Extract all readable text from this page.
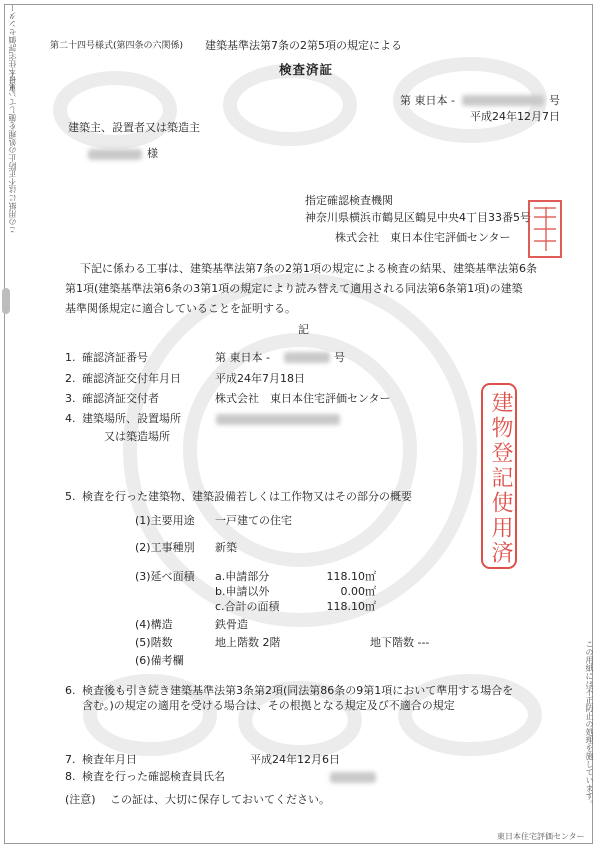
東日本住宅評価センター
この用紙には不正防止の処理を施しています
この用紙には不正防止の処理を施しています。
東日本住宅評価センター
第二十四号様式(第四条の六関係) 建築基準法第7条の2第5項の規定による
検査済証
第 東日本 -	号
平成24年12月7日
建築主、設置者又は築造主
様
指定確認検査機関
神奈川県横浜市鶴見区鶴見中央4丁目33番5号
株式会社　東日本住宅評価センター
下記に係わる工事は、建築基準法第7条の2第1項の規定による検査の結果、建築基準法第6条
第1項(建築基準法第6条の3第1項の規定により読み替えて適用される同法第6条第1項)の建築
基準関係規定に適合していることを証明する。
記
1. 確認済証番号	第 東日本 -	号
2. 確認済証交付年月日	平成24年7月18日
3. 確認済証交付者	株式会社　東日本住宅評価センター
4. 建築場所、設置場所
又は築造場所	建物登記使用済
5. 検査を行った建築物、建築設備若しくは工作物又はその部分の概要
(1)主要用途 一戸建ての住宅
(2)工事種別 新築
(3)延べ面積 a.申請部分	118.10㎡
b.申請以外	0.00㎡
c.合計の面積	118.10㎡
(4)構造	鉄骨造
(5)階数	地上階数 2階	地下階数 ---
(6)備考欄
6. 検査後も引き続き建築基準法第3条第2項(同法第86条の9第1項において準用する場合を
含む。)の規定の適用を受ける場合は、その根拠となる規定及び不適合の規定
7. 検査年月日	平成24年12月6日
8. 検査を行った確認検査員氏名
(注意) この証は、大切に保存しておいてください。
